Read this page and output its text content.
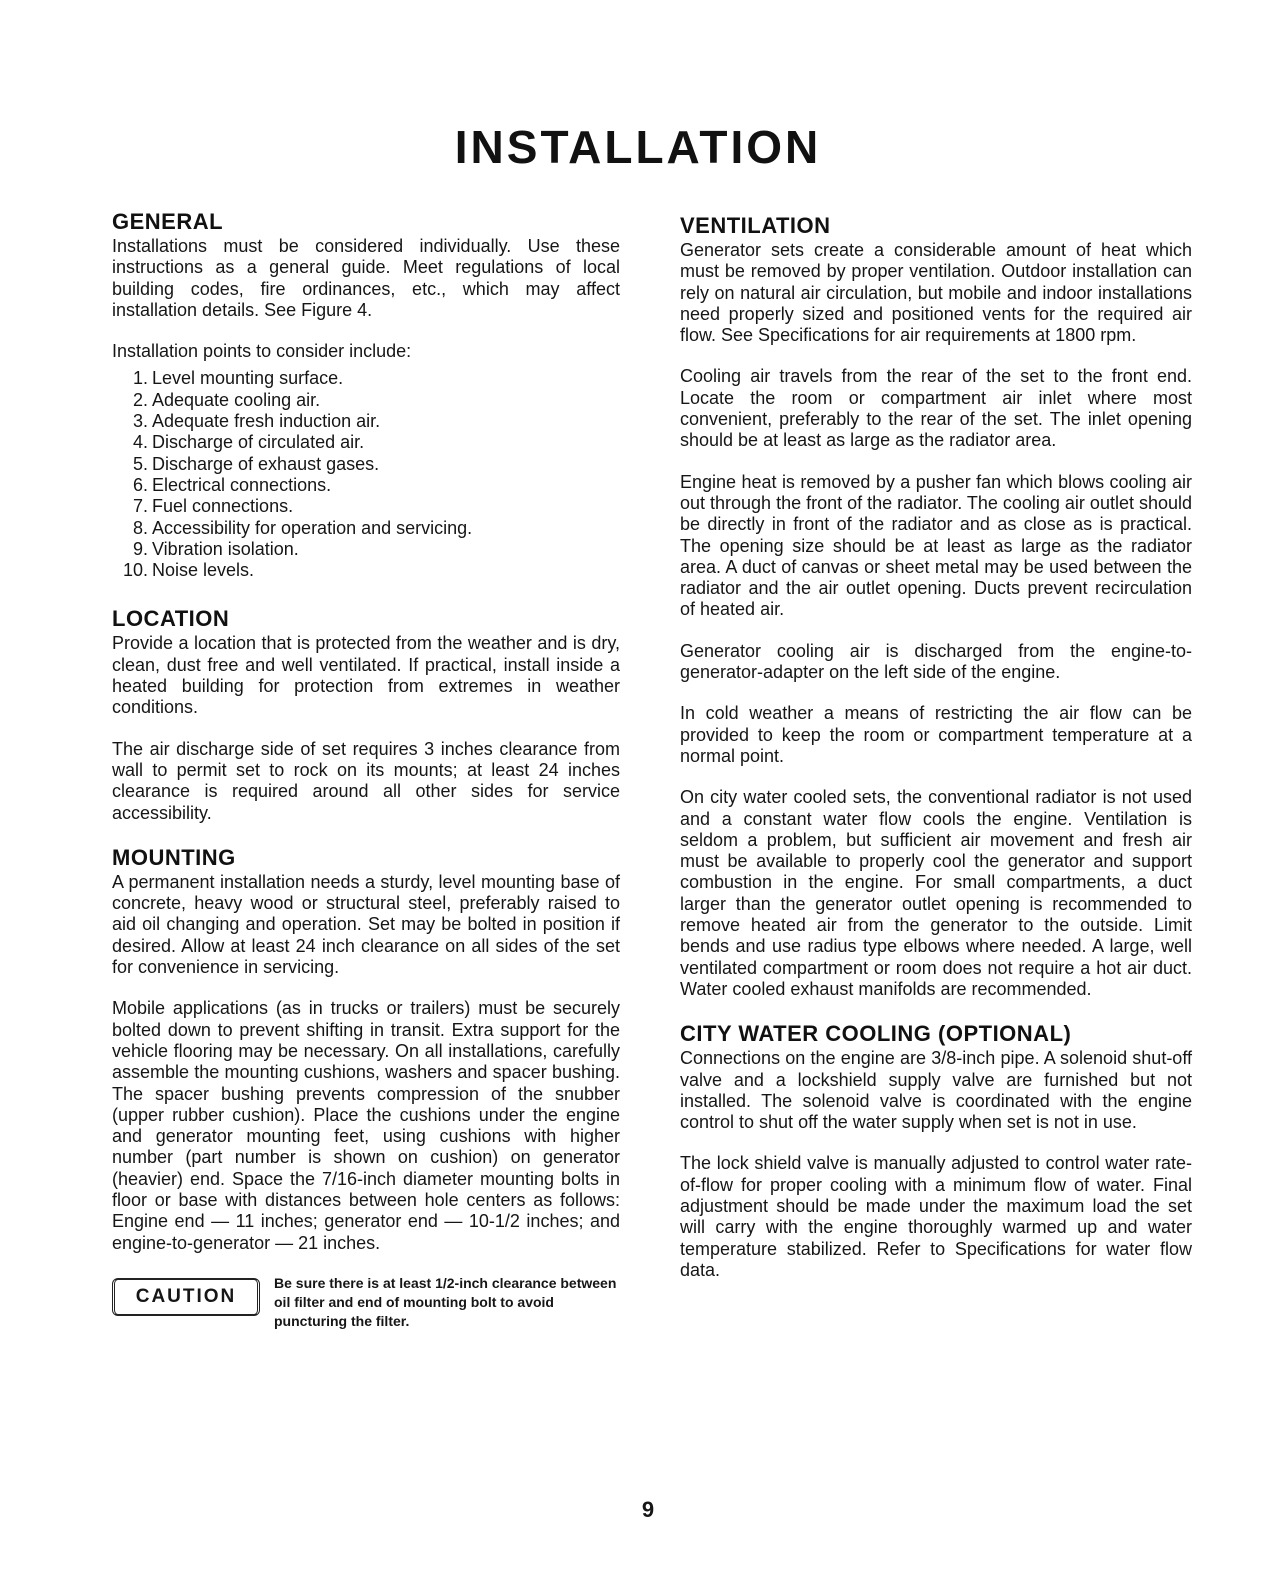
INSTALLATION
GENERAL

Installations must be considered individually. Use these instructions as a general guide. Meet regulations of local building codes, fire ordinances, etc., which may affect installation details. See Figure 4.

Installation points to consider include:

1. Level mounting surface.
2. Adequate cooling air.
3. Adequate fresh induction air.
4. Discharge of circulated air.
5. Discharge of exhaust gases.
6. Electrical connections.
7. Fuel connections.
8. Accessibility for operation and servicing.
9. Vibration isolation.
10. Noise levels.
LOCATION

Provide a location that is protected from the weather and is dry, clean, dust free and well ventilated. If practical, install inside a heated building for protection from extremes in weather conditions.

The air discharge side of set requires 3 inches clearance from wall to permit set to rock on its mounts; at least 24 inches clearance is required around all other sides for service accessibility.

MOUNTING

A permanent installation needs a sturdy, level mounting base of concrete, heavy wood or structural steel, preferably raised to aid oil changing and operation. Set may be bolted in position if desired. Allow at least 24 inch clearance on all sides of the set for convenience in servicing.

Mobile applications (as in trucks or trailers) must be securely bolted down to prevent shifting in transit. Extra support for the vehicle flooring may be necessary. On all installations, carefully assemble the mounting cushions, washers and spacer bushing. The spacer bushing prevents compression of the snubber (upper rubber cushion). Place the cushions under the engine and generator mounting feet, using cushions with higher number (part number is shown on cushion) on generator (heavier) end. Space the 7/16-inch diameter mounting bolts in floor or base with distances between hole centers as follows: Engine end — 11 inches; generator end — 10-1/2 inches; and engine-to-generator — 21 inches.

CAUTION

Be sure there is at least 1/2-inch clearance between oil filter and end of mounting bolt to avoid puncturing the filter.

VENTILATION

Generator sets create a considerable amount of heat which must be removed by proper ventilation. Outdoor installation can rely on natural air circulation, but mobile and indoor installations need properly sized and positioned vents for the required air flow. See Specifications for air requirements at 1800 rpm.

Cooling air travels from the rear of the set to the front end. Locate the room or compartment air inlet where most convenient, preferably to the rear of the set. The inlet opening should be at least as large as the radiator area.

Engine heat is removed by a pusher fan which blows cooling air out through the front of the radiator. The cooling air outlet should be directly in front of the radiator and as close as is practical. The opening size should be at least as large as the radiator area. A duct of canvas or sheet metal may be used between the radiator and the air outlet opening. Ducts prevent recirculation of heated air.

Generator cooling air is discharged from the engine-to-generator-adapter on the left side of the engine.

In cold weather a means of restricting the air flow can be provided to keep the room or compartment temperature at a normal point.

On city water cooled sets, the conventional radiator is not used and a constant water flow cools the engine. Ventilation is seldom a problem, but sufficient air movement and fresh air must be available to properly cool the generator and support combustion in the engine. For small compartments, a duct larger than the generator outlet opening is recommended to remove heated air from the generator to the outside. Limit bends and use radius type elbows where needed. A large, well ventilated compartment or room does not require a hot air duct. Water cooled exhaust manifolds are recommended.

CITY WATER COOLING (OPTIONAL)

Connections on the engine are 3/8-inch pipe. A solenoid shut-off valve and a lockshield supply valve are furnished but not installed. The solenoid valve is coordinated with the engine control to shut off the water supply when set is not in use.

The lock shield valve is manually adjusted to control water rate-of-flow for proper cooling with a minimum flow of water. Final adjustment should be made under the maximum load the set will carry with the engine thoroughly warmed up and water temperature stabilized. Refer to Specifications for water flow data.

9
